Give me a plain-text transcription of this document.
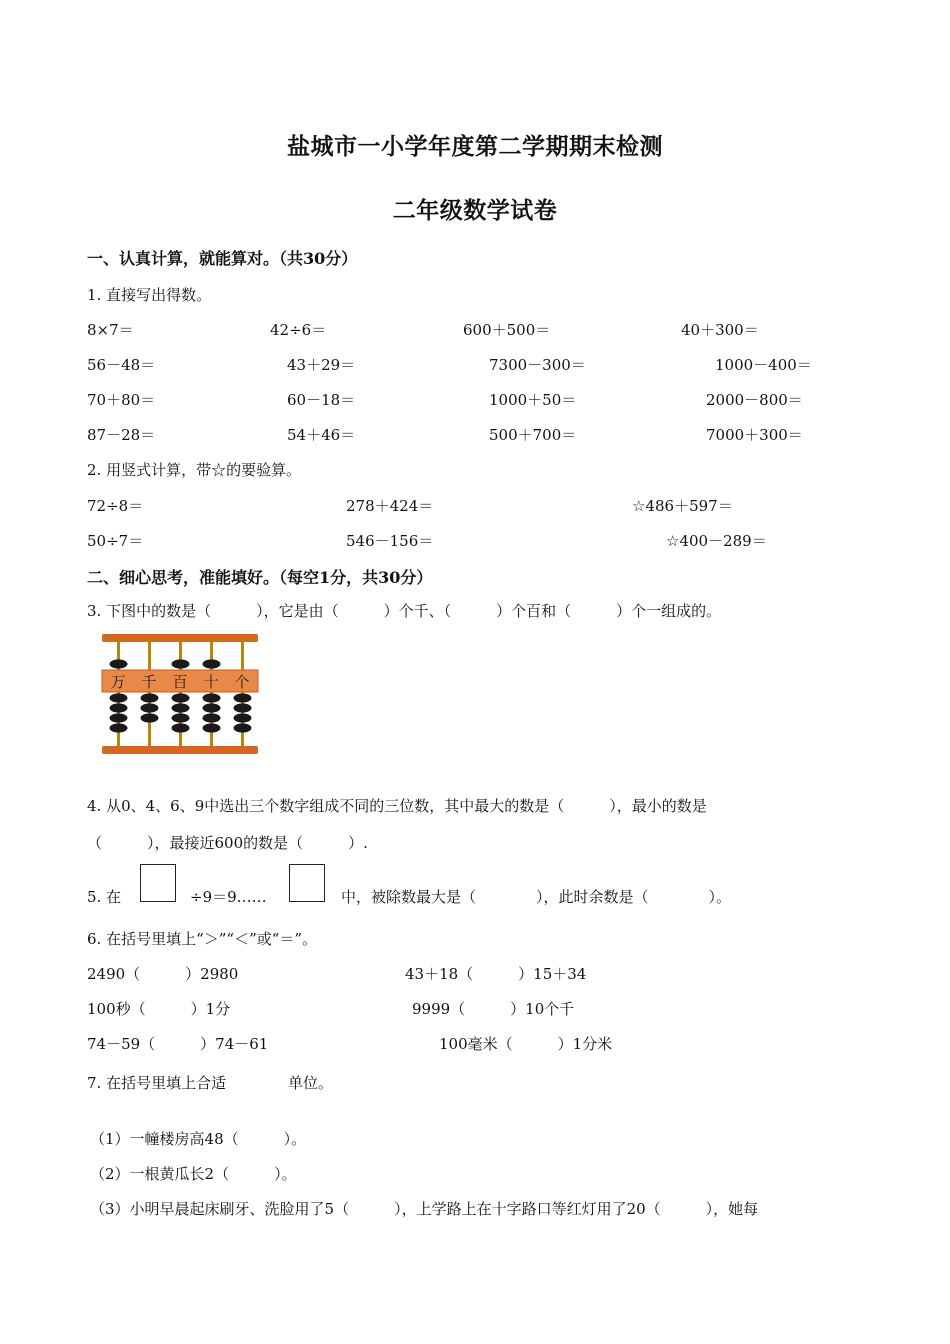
盐城市一小学年度第二学期期末检测
二年级数学试卷
一、认真计算，就能算对。（共30分）
1. 直接写出得数。
8×7＝	42÷6＝	600＋500＝	40＋300＝
56－48＝	43＋29＝	7300－300＝	1000－400＝
70＋80＝	60－18＝	1000＋50＝	2000－800＝
87－28＝	54＋46＝	500＋700＝	7000＋300＝
2. 用竖式计算，带☆的要验算。
72÷8＝	278＋424＝	☆486＋597＝
50÷7＝	546－156＝	☆400－289＝
二、细心思考，准能填好。（每空1分，共30分）
3. 下图中的数是（　　　），它是由（　　　）个千、（　　　）个百和（　　　）个一组成的。
万 千 百 十 个
4. 从0、4、6、9中选出三个数字组成不同的三位数，其中最大的数是（　　　），最小的数是
（　　　），最接近600的数是（　　　）.
5. 在	÷9＝9……	中，被除数最大是（　　　　），此时余数是（　　　　）。
6. 在括号里填上“＞”“＜”或“＝”。
2490（　　　）2980	43＋18（　　　）15＋34
100秒（　　　）1分	9999（　　　）10个千
74－59（　　　）74－61	100毫米（　　　）1分米
7. 在括号里填上合适	单位。
（1）一幢楼房高48（　　　）。
（2）一根黄瓜长2（　　　）。
（3）小明早晨起床刷牙、洗脸用了5（　　　），上学路上在十字路口等红灯用了20（　　　），她每
